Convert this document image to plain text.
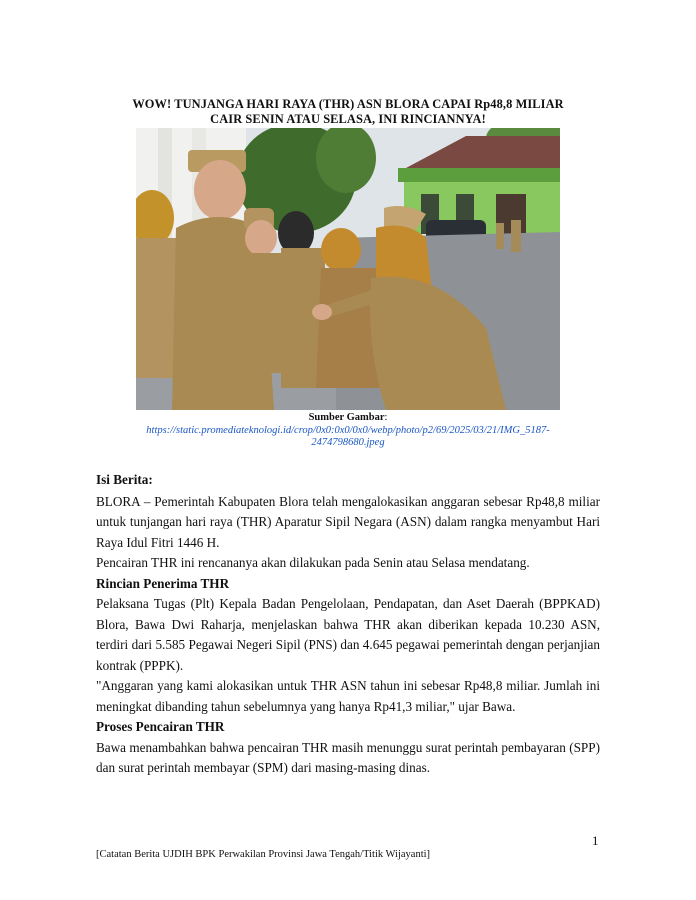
WOW! TUNJANGA HARI RAYA (THR) ASN BLORA CAPAI Rp48,8 MILIAR
CAIR SENIN ATAU SELASA, INI RINCIANNYA!
Sumber Gambar:
https://static.promediateknologi.id/crop/0x0:0x0/0x0/webp/photo/p2/69/2025/03/21/IMG_5187-
2474798680.jpeg
Isi Berita:

BLORA – Pemerintah Kabupaten Blora telah mengalokasikan anggaran sebesar Rp48,8 miliar untuk tunjangan hari raya (THR) Aparatur Sipil Negara (ASN) dalam rangka menyambut Hari Raya Idul Fitri 1446 H.

Pencairan THR ini rencananya akan dilakukan pada Senin atau Selasa mendatang.

Rincian Penerima THR

Pelaksana Tugas (Plt) Kepala Badan Pengelolaan, Pendapatan, dan Aset Daerah (BPPKAD) Blora, Bawa Dwi Raharja, menjelaskan bahwa THR akan diberikan kepada 10.230 ASN, terdiri dari 5.585 Pegawai Negeri Sipil (PNS) dan 4.645 pegawai pemerintah dengan perjanjian kontrak (PPPK).

"Anggaran yang kami alokasikan untuk THR ASN tahun ini sebesar Rp48,8 miliar. Jumlah ini meningkat dibanding tahun sebelumnya yang hanya Rp41,3 miliar," ujar Bawa.

Proses Pencairan THR

Bawa menambahkan bahwa pencairan THR masih menunggu surat perintah pembayaran (SPP) dan surat perintah membayar (SPM) dari masing-masing dinas.

1
[Catatan Berita UJDIH BPK Perwakilan Provinsi Jawa Tengah/Titik Wijayanti]
